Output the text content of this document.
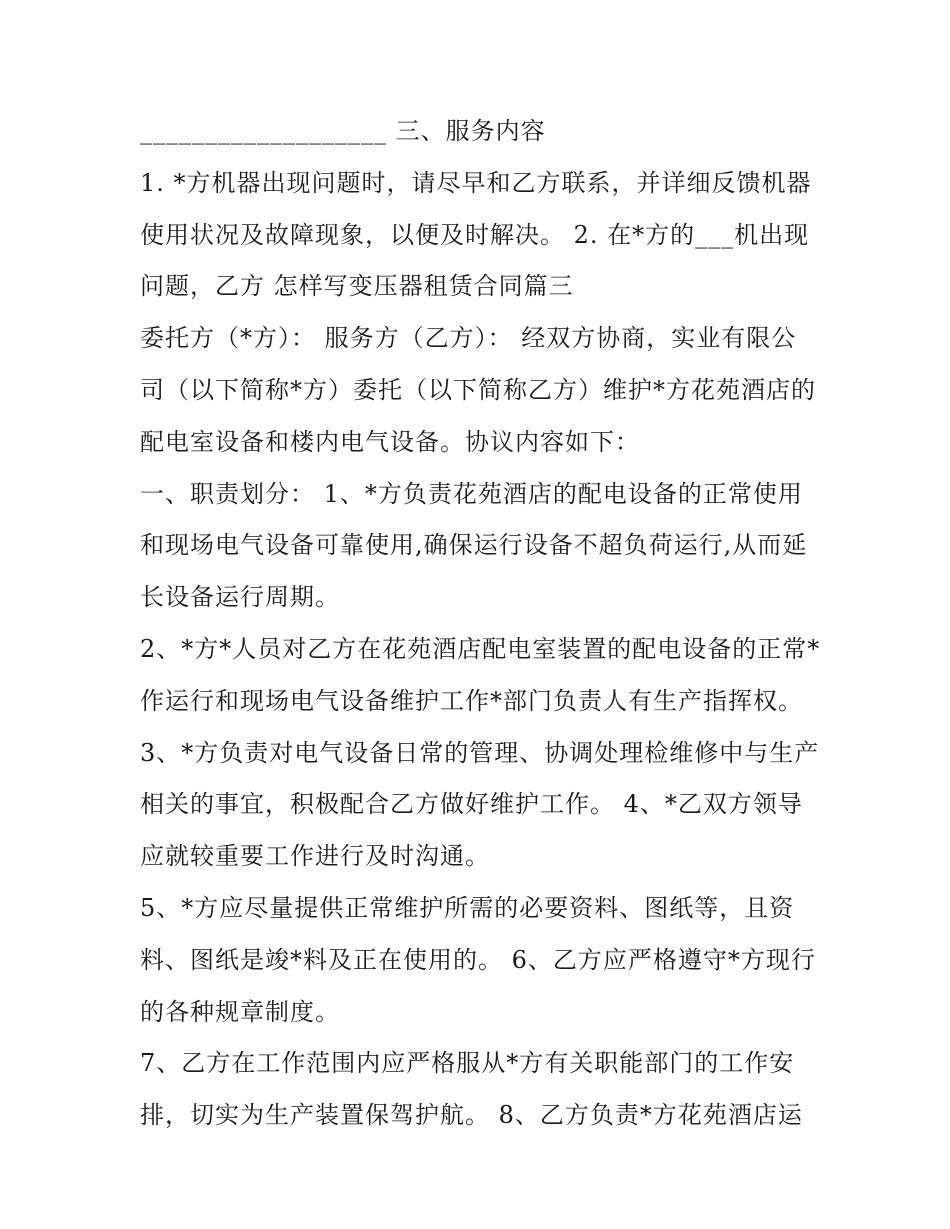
___________________ 三、服务内容
1. *方机器出现问题时，请尽早和乙方联系，并详细反馈机器
使用状况及故障现象，以便及时解决。 2. 在*方的___机出现
问题，乙方 怎样写变压器租赁合同篇三
委托方（*方）： 服务方（乙方）： 经双方协商，实业有限公
司（以下简称*方）委托（以下简称乙方）维护*方花苑酒店的
配电室设备和楼内电气设备。协议内容如下：
一、职责划分： 1、*方负责花苑酒店的配电设备的正常使用
和现场电气设备可靠使用,确保运行设备不超负荷运行,从而延
长设备运行周期。
2、*方*人员对乙方在花苑酒店配电室装置的配电设备的正常*
作运行和现场电气设备维护工作*部门负责人有生产指挥权。
3、*方负责对电气设备日常的管理、协调处理检维修中与生产
相关的事宜，积极配合乙方做好维护工作。 4、*乙双方领导
应就较重要工作进行及时沟通。
5、*方应尽量提供正常维护所需的必要资料、图纸等，且资
料、图纸是竣*料及正在使用的。 6、乙方应严格遵守*方现行
的各种规章制度。
7、乙方在工作范围内应严格服从*方有关职能部门的工作安
排，切实为生产装置保驾护航。 8、乙方负责*方花苑酒店运
